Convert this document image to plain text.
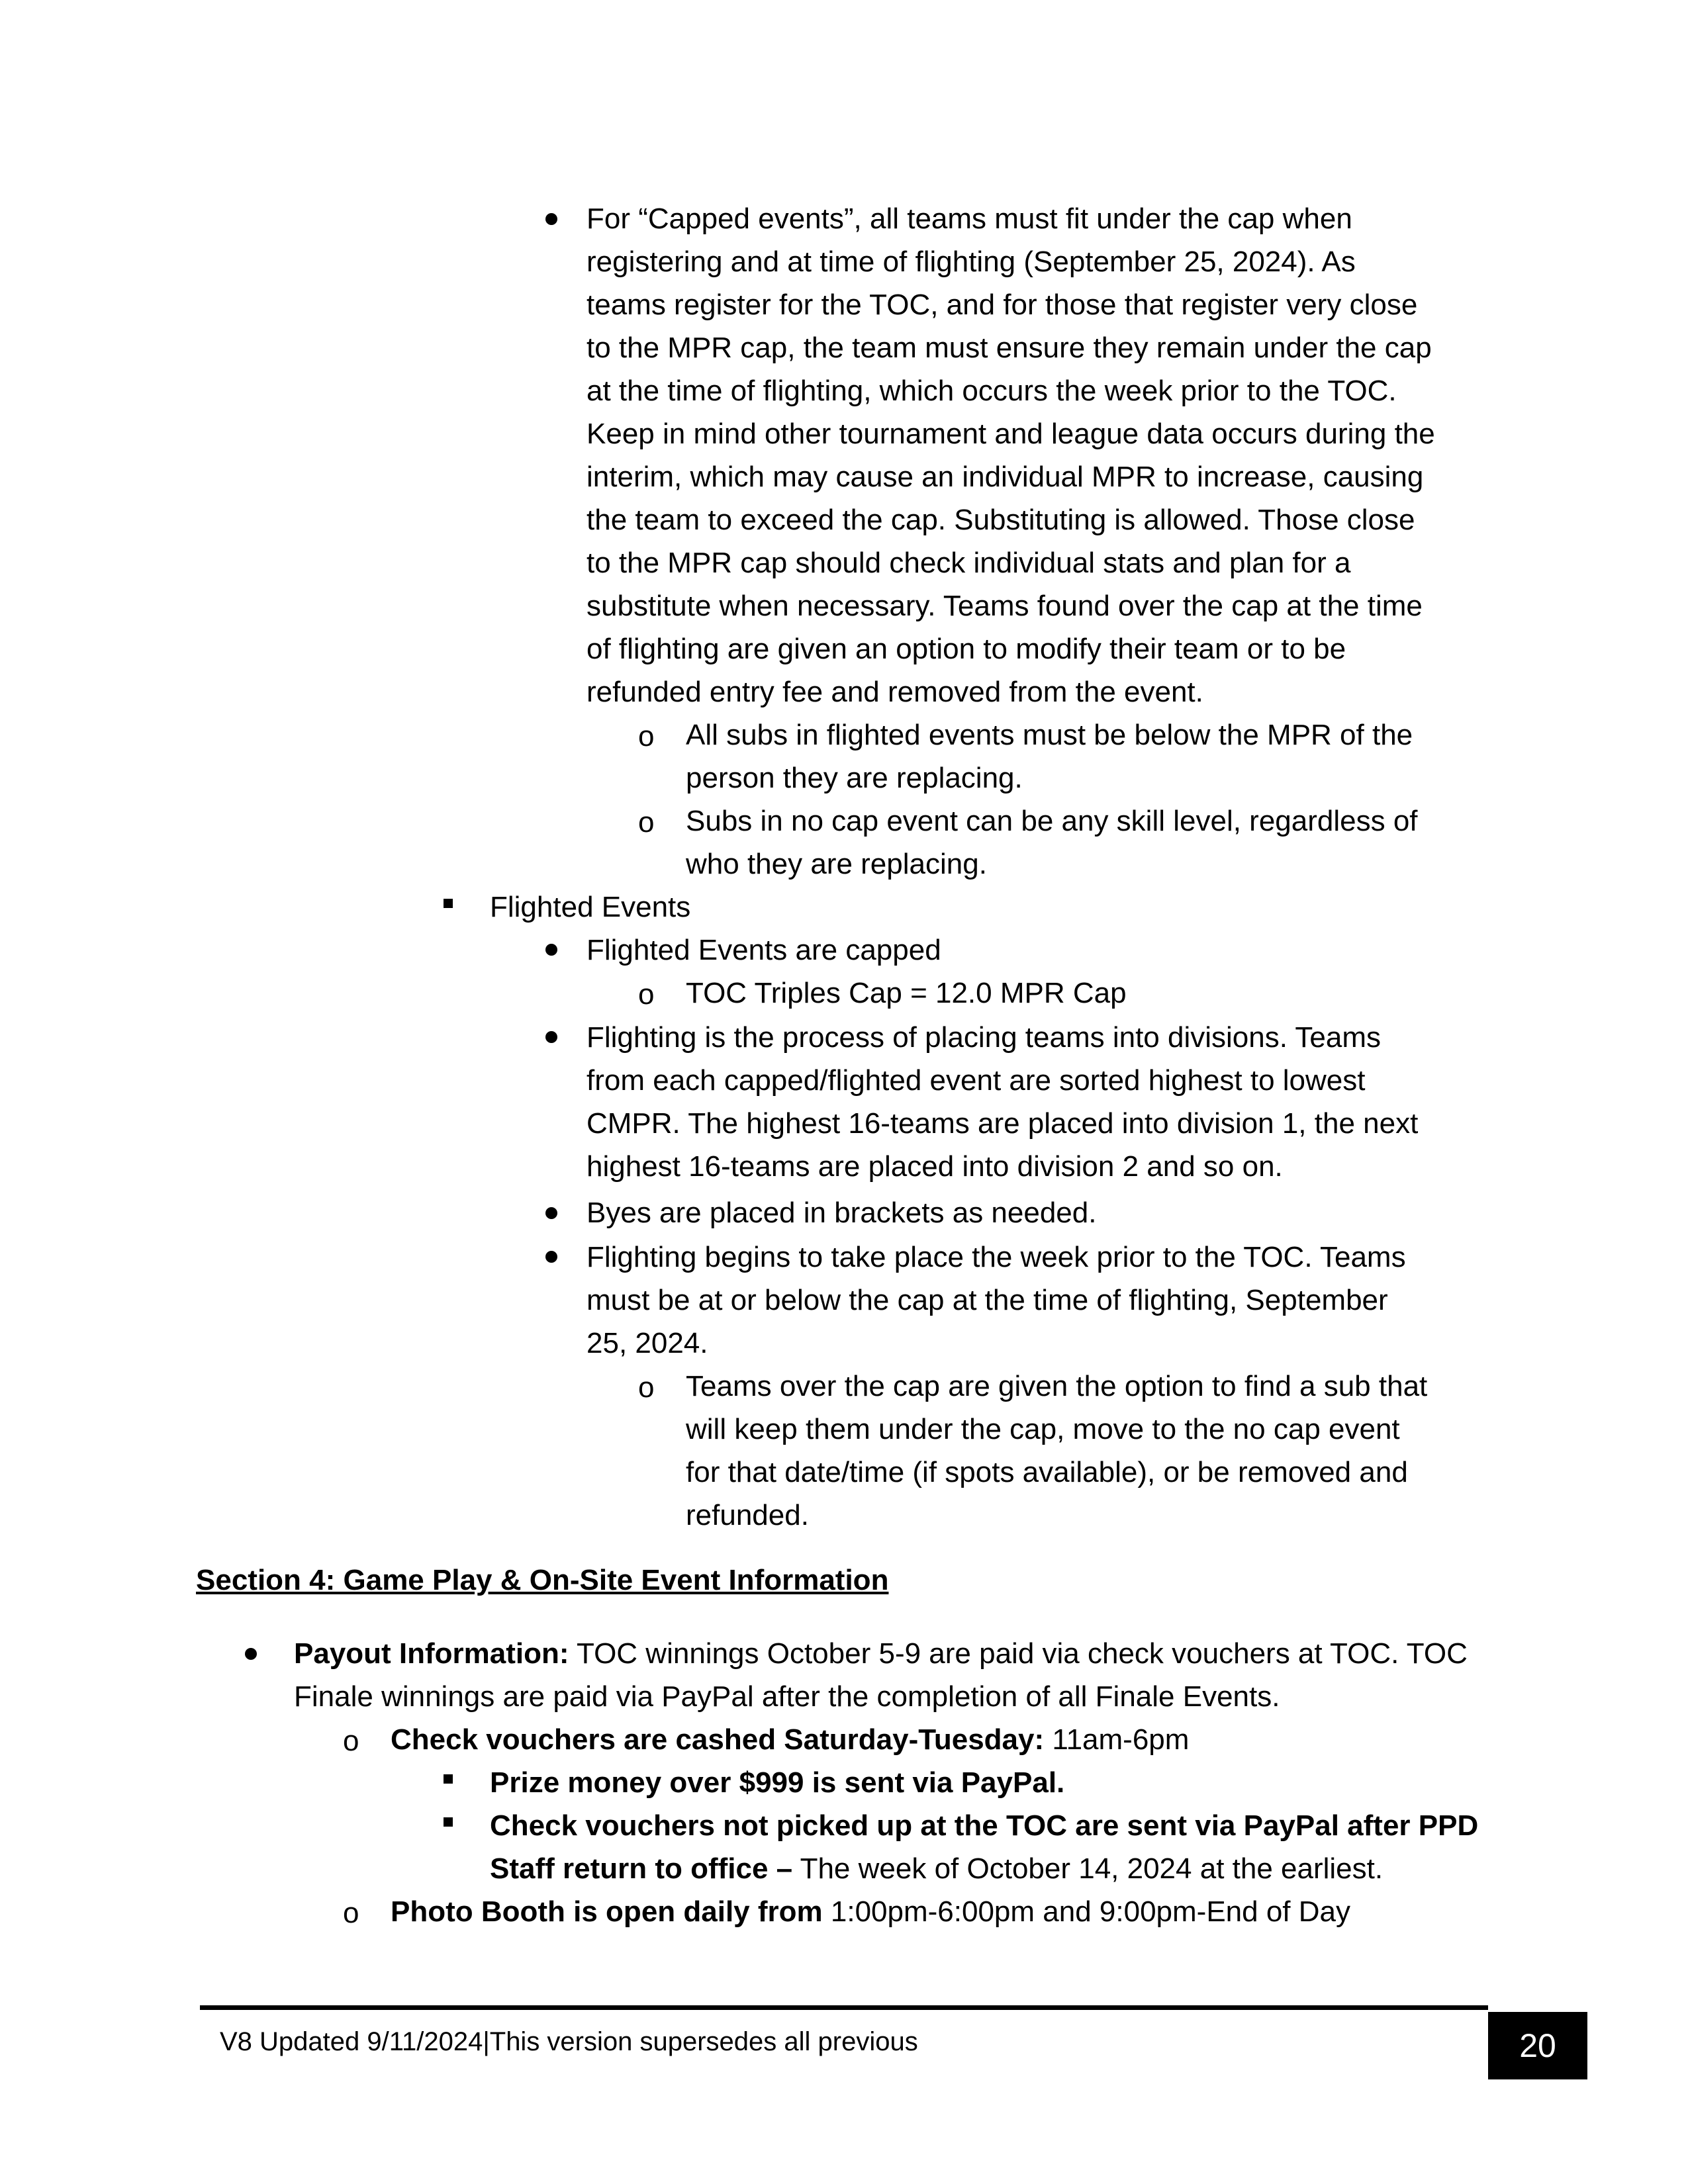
For “Capped events”, all teams must fit under the cap when
registering and at time of flighting (September 25, 2024). As
teams register for the TOC, and for those that register very close
to the MPR cap, the team must ensure they remain under the cap
at the time of flighting, which occurs the week prior to the TOC.
Keep in mind other tournament and league data occurs during the
interim, which may cause an individual MPR to increase, causing
the team to exceed the cap. Substituting is allowed. Those close
to the MPR cap should check individual stats and plan for a
substitute when necessary. Teams found over the cap at the time
of flighting are given an option to modify their team or to be
refunded entry fee and removed from the event.
o All subs in flighted events must be below the MPR of the
person they are replacing.
o Subs in no cap event can be any skill level, regardless of
who they are replacing.
Flighted Events
Flighted Events are capped
o TOC Triples Cap = 12.0 MPR Cap
Flighting is the process of placing teams into divisions. Teams
from each capped/flighted event are sorted highest to lowest
CMPR. The highest 16-teams are placed into division 1, the next
highest 16-teams are placed into division 2 and so on.
Byes are placed in brackets as needed.
Flighting begins to take place the week prior to the TOC. Teams
must be at or below the cap at the time of flighting, September
25, 2024.
o Teams over the cap are given the option to find a sub that
will keep them under the cap, move to the no cap event
for that date/time (if spots available), or be removed and
refunded.
Section 4: Game Play & On-Site Event Information
Payout Information: TOC winnings October 5-9 are paid via check vouchers at TOC. TOC
Finale winnings are paid via PayPal after the completion of all Finale Events.
o Check vouchers are cashed Saturday-Tuesday: 11am-6pm
Prize money over $999 is sent via PayPal.
Check vouchers not picked up at the TOC are sent via PayPal after PPD
Staff return to office – The week of October 14, 2024 at the earliest.
o Photo Booth is open daily from 1:00pm-6:00pm and 9:00pm-End of Day
V8 Updated 9/11/2024|This version supersedes all previous	20
